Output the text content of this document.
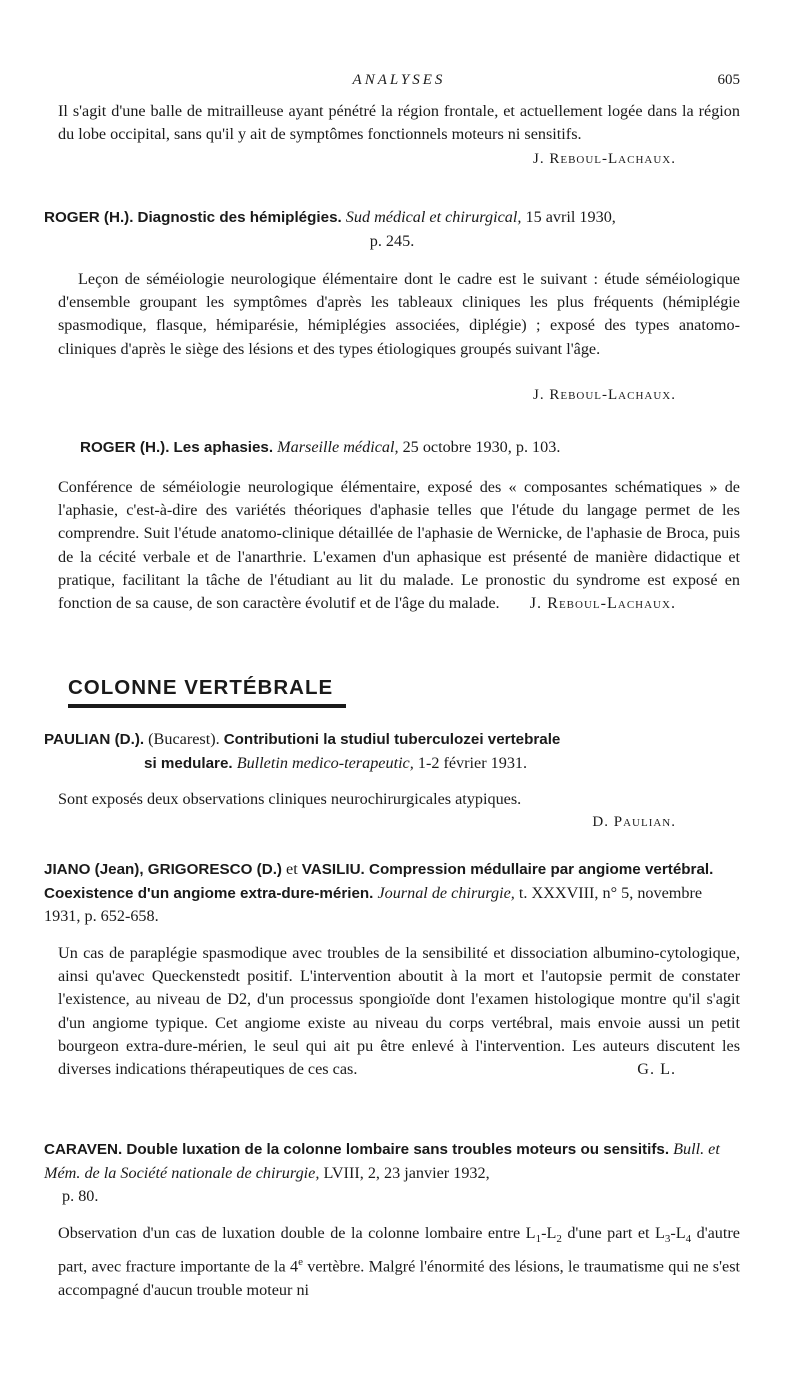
ANALYSES	605

Il s'agit d'une balle de mitrailleuse ayant pénétré la région frontale, et actuellement logée dans la région du lobe occipital, sans qu'il y ait de symptômes fonctionnels moteurs ni sensitifs.

J. Reboul-Lachaux.

ROGER (H.). Diagnostic des hémiplégies. Sud médical et chirurgical, 15 avril 1930,
p. 245.

Leçon de séméiologie neurologique élémentaire dont le cadre est le suivant : étude séméiologique d'ensemble groupant les symptômes d'après les tableaux cliniques les plus fréquents (hémiplégie spasmodique, flasque, hémiparésie, hémiplégies associées, diplégie) ; exposé des types anatomo-cliniques d'après le siège des lésions et des types étiologiques groupés suivant l'âge.

J. Reboul-Lachaux.

ROGER (H.). Les aphasies. Marseille médical, 25 octobre 1930, p. 103.

Conférence de séméiologie neurologique élémentaire, exposé des « composantes schématiques » de l'aphasie, c'est-à-dire des variétés théoriques d'aphasie telles que l'étude du langage permet de les comprendre. Suit l'étude anatomo-clinique détaillée de l'aphasie de Wernicke, de l'aphasie de Broca, puis de la cécité verbale et de l'anarthrie. L'examen d'un aphasique est présenté de manière didactique et pratique, facilitant la tâche de l'étudiant au lit du malade. Le pronostic du syndrome est exposé en fonction de sa cause, de son caractère évolutif et de l'âge du malade. J. Reboul-Lachaux.

COLONNE VERTÉBRALE

PAULIAN (D.). (Bucarest). Contributioni la studiul tuberculozei vertebrale
si medulare. Bulletin medico-terapeutic, 1-2 février 1931.

Sont exposés deux observations cliniques neurochirurgicales atypiques.

D. Paulian.

JIANO (Jean), GRIGORESCO (D.) et VASILIU. Compression médullaire par angiome vertébral. Coexistence d'un angiome extra-dure-mérien. Journal de chirurgie, t. XXXVIII, n° 5, novembre 1931, p. 652-658.

Un cas de paraplégie spasmodique avec troubles de la sensibilité et dissociation albumino-cytologique, ainsi qu'avec Queckenstedt positif. L'intervention aboutit à la mort et l'autopsie permit de constater l'existence, au niveau de D2, d'un processus spongioïde dont l'examen histologique montre qu'il s'agit d'un angiome typique. Cet angiome existe au niveau du corps vertébral, mais envoie aussi un petit bourgeon extra-dure-mérien, le seul qui ait pu être enlevé à l'intervention. Les auteurs discutent les diverses indications thérapeutiques de ces cas.	G. L.

CARAVEN. Double luxation de la colonne lombaire sans troubles moteurs ou sensitifs. Bull. et Mém. de la Société nationale de chirurgie, LVIII, 2, 23 janvier 1932,
p. 80.

Observation d'un cas de luxation double de la colonne lombaire entre $L_1-L_2$ d'une part et $L_3-L_4$ d'autre part, avec fracture importante de la 4e vertèbre. Malgré l'énormité des lésions, le traumatisme qui ne s'est accompagné d'aucun trouble moteur ni
